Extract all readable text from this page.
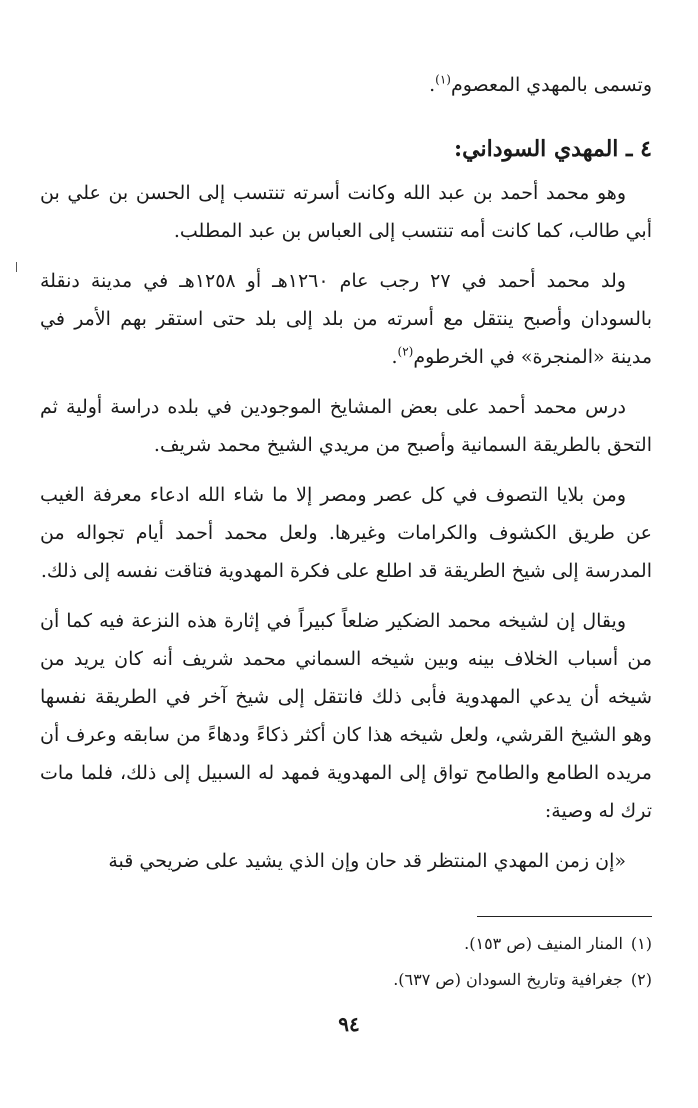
وتسمى بالمهدي المعصوم$^{(١)}$.

٤ ـ المهدي السوداني:

وهو محمد أحمد بن عبد الله وكانت أسرته تنتسب إلى الحسن بن علي بن أبي طالب، كما كانت أمه تنتسب إلى العباس بن عبد المطلب.

ولد محمد أحمد في ٢٧ رجب عام ١٢٦٠هـ أو ١٢٥٨هـ في مدينة دنقلة بالسودان وأصبح ينتقل مع أسرته من بلد إلى بلد حتى استقر بهم الأمر في مدينة «المنجرة» في الخرطوم$^{(٢)}$.

درس محمد أحمد على بعض المشايخ الموجودين في بلده دراسة أولية ثم التحق بالطريقة السمانية وأصبح من مريدي الشيخ محمد شريف.

ومن بلايا التصوف في كل عصر ومصر إلا ما شاء الله ادعاء معرفة الغيب عن طريق الكشوف والكرامات وغيرها. ولعل محمد أحمد أيام تجواله من المدرسة إلى شيخ الطريقة قد اطلع على فكرة المهدوية فتاقت نفسه إلى ذلك.

ويقال إن لشيخه محمد الضكير ضلعاً كبيراً في إثارة هذه النزعة فيه كما أن من أسباب الخلاف بينه وبين شيخه السماني محمد شريف أنه كان يريد من شيخه أن يدعي المهدوية فأبى ذلك فانتقل إلى شيخ آخر في الطريقة نفسها وهو الشيخ القرشي، ولعل شيخه هذا كان أكثر ذكاءً ودهاءً من سابقه وعرف أن مريده الطامع والطامح تواق إلى المهدوية فمهد له السبيل إلى ذلك، فلما مات ترك له وصية:

«إن زمن المهدي المنتظر قد حان وإن الذي يشيد على ضريحي قبة

(١)المنار المنيف (ص ١٥٣).

(٢)جغرافية وتاريخ السودان (ص ٦٣٧).

٩٤
